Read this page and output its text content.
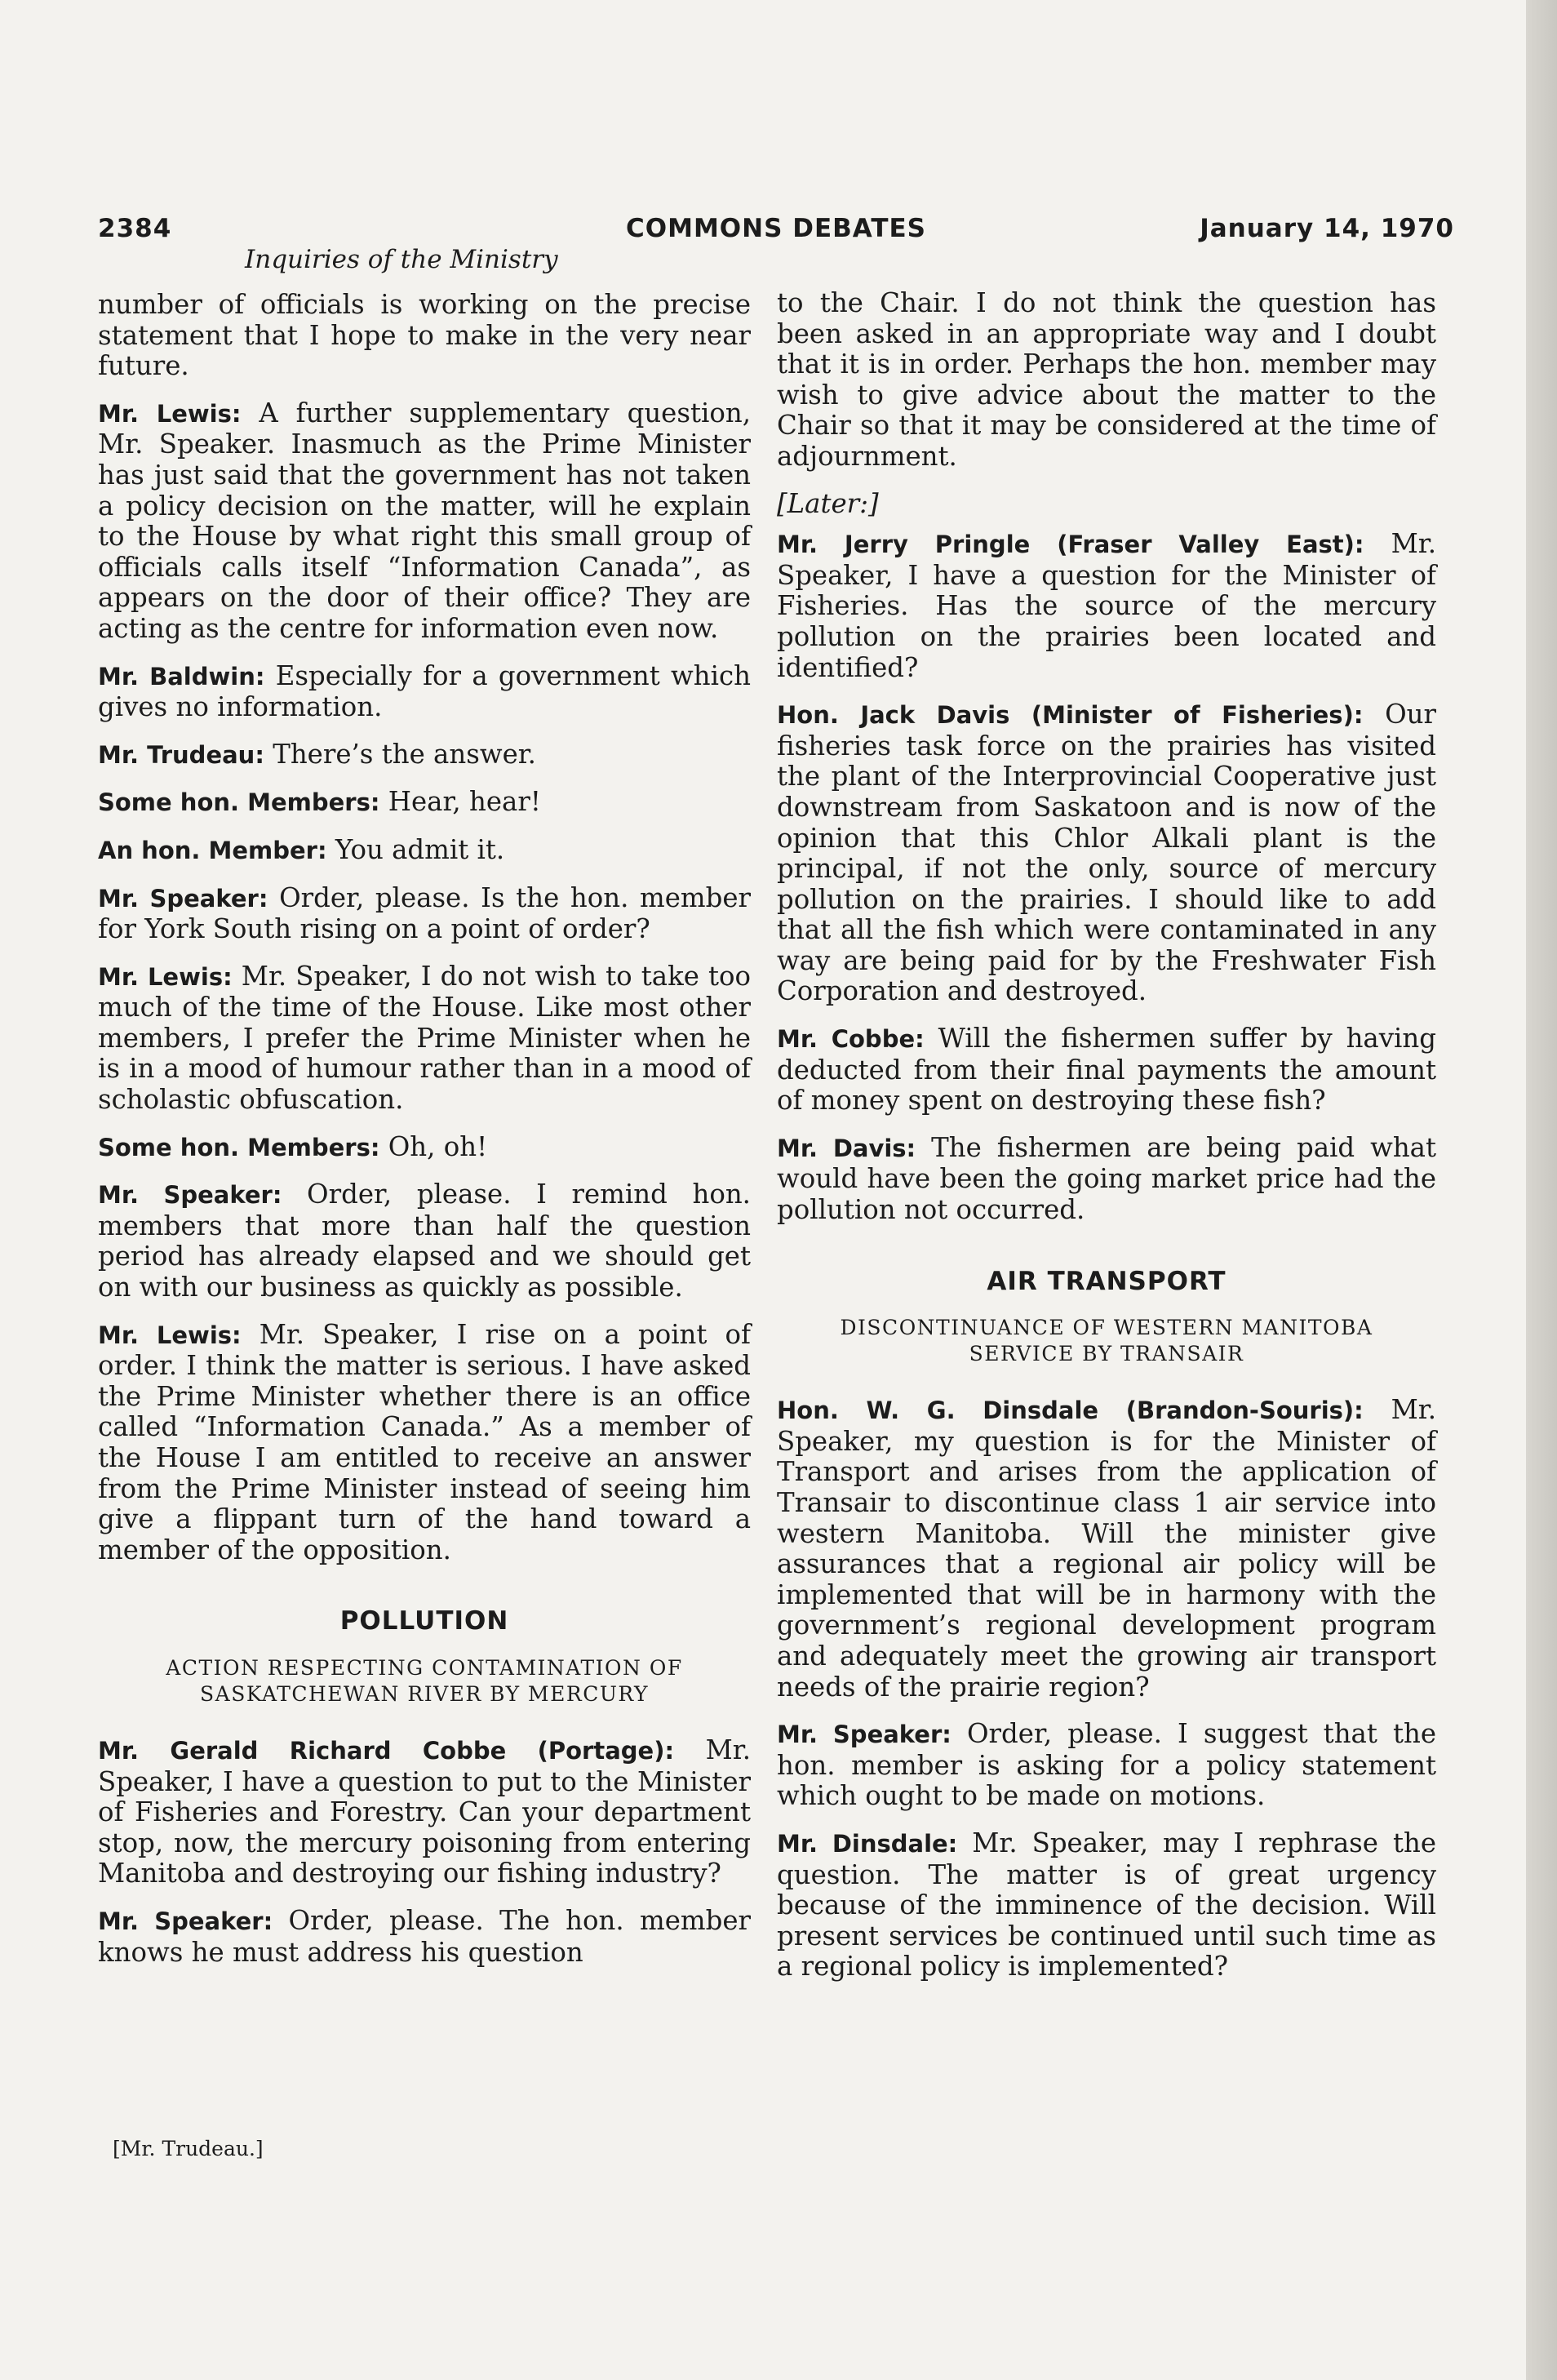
2384	COMMONS DEBATES	January 14, 1970
Inquiries of the Ministry

number of officials is working on the precise statement that I hope to make in the very near future.

Mr. Lewis: A further supplementary question, Mr. Speaker. Inasmuch as the Prime Minister has just said that the government has not taken a policy decision on the matter, will he explain to the House by what right this small group of officials calls itself “Information Canada”, as appears on the door of their office? They are acting as the centre for information even now.

Mr. Baldwin: Especially for a government which gives no information.

Mr. Trudeau: There’s the answer.

Some hon. Members: Hear, hear!

An hon. Member: You admit it.

Mr. Speaker: Order, please. Is the hon. member for York South rising on a point of order?

Mr. Lewis: Mr. Speaker, I do not wish to take too much of the time of the House. Like most other members, I prefer the Prime Minister when he is in a mood of humour rather than in a mood of scholastic obfuscation.

Some hon. Members: Oh, oh!

Mr. Speaker: Order, please. I remind hon. members that more than half the question period has already elapsed and we should get on with our business as quickly as possible.

Mr. Lewis: Mr. Speaker, I rise on a point of order. I think the matter is serious. I have asked the Prime Minister whether there is an office called “Information Canada.” As a member of the House I am entitled to receive an answer from the Prime Minister instead of seeing him give a flippant turn of the hand toward a member of the opposition.

POLLUTION
ACTION RESPECTING CONTAMINATION OF
SASKATCHEWAN RIVER BY MERCURY

Mr. Gerald Richard Cobbe (Portage): Mr. Speaker, I have a question to put to the Minister of Fisheries and Forestry. Can your department stop, now, the mercury poisoning from entering Manitoba and destroying our fishing industry?

Mr. Speaker: Order, please. The hon. member knows he must address his question

[Mr. Trudeau.]

to the Chair. I do not think the question has been asked in an appropriate way and I doubt that it is in order. Perhaps the hon. member may wish to give advice about the matter to the Chair so that it may be considered at the time of adjournment.

[Later:]

Mr. Jerry Pringle (Fraser Valley East): Mr. Speaker, I have a question for the Minister of Fisheries. Has the source of the mercury pollution on the prairies been located and identified?

Hon. Jack Davis (Minister of Fisheries): Our fisheries task force on the prairies has visited the plant of the Interprovincial Cooperative just downstream from Saskatoon and is now of the opinion that this Chlor Alkali plant is the principal, if not the only, source of mercury pollution on the prairies. I should like to add that all the fish which were contaminated in any way are being paid for by the Freshwater Fish Corporation and destroyed.

Mr. Cobbe: Will the fishermen suffer by having deducted from their final payments the amount of money spent on destroying these fish?

Mr. Davis: The fishermen are being paid what would have been the going market price had the pollution not occurred.

AIR TRANSPORT
DISCONTINUANCE OF WESTERN MANITOBA
SERVICE BY TRANSAIR

Hon. W. G. Dinsdale (Brandon-Souris): Mr. Speaker, my question is for the Minister of Transport and arises from the application of Transair to discontinue class 1 air service into western Manitoba. Will the minister give assurances that a regional air policy will be implemented that will be in harmony with the government’s regional development program and adequately meet the growing air transport needs of the prairie region?

Mr. Speaker: Order, please. I suggest that the hon. member is asking for a policy statement which ought to be made on motions.

Mr. Dinsdale: Mr. Speaker, may I rephrase the question. The matter is of great urgency because of the imminence of the decision. Will present services be continued until such time as a regional policy is implemented?
